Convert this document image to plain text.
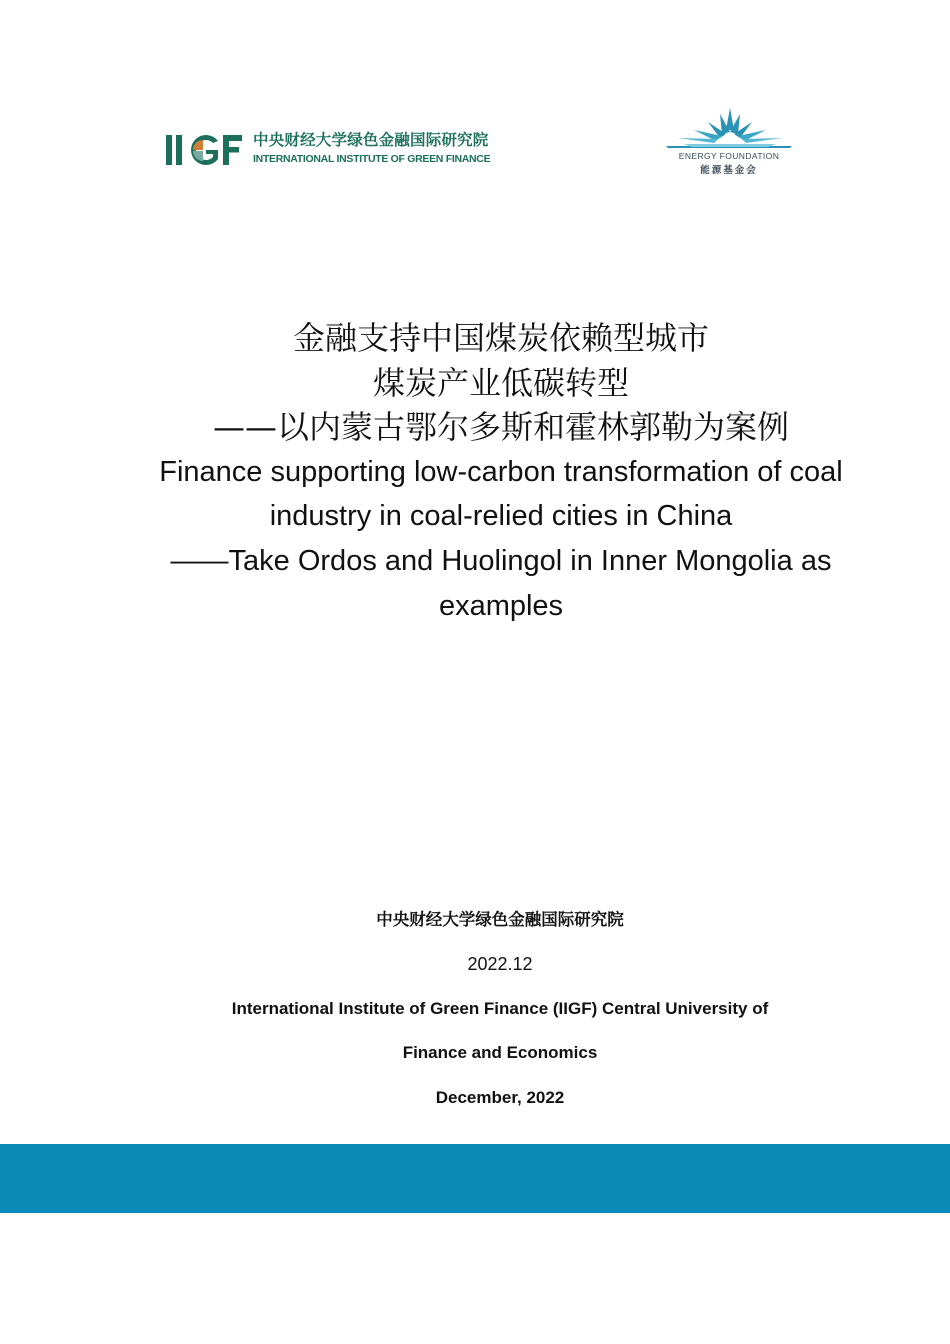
中央财经大学绿色金融国际研究院
INTERNATIONAL INSTITUTE OF GREEN FINANCE	ENERGY FOUNDATION
能源基金会
金融支持中国煤炭依赖型城市
煤炭产业低碳转型
——以内蒙古鄂尔多斯和霍林郭勒为案例
Finance supporting low-carbon transformation of coal
industry in coal-relied cities in China
——Take Ordos and Huolingol in Inner Mongolia as
examples
中央财经大学绿色金融国际研究院
2022.12
International Institute of Green Finance (IIGF) Central University of
Finance and Economics
December, 2022
